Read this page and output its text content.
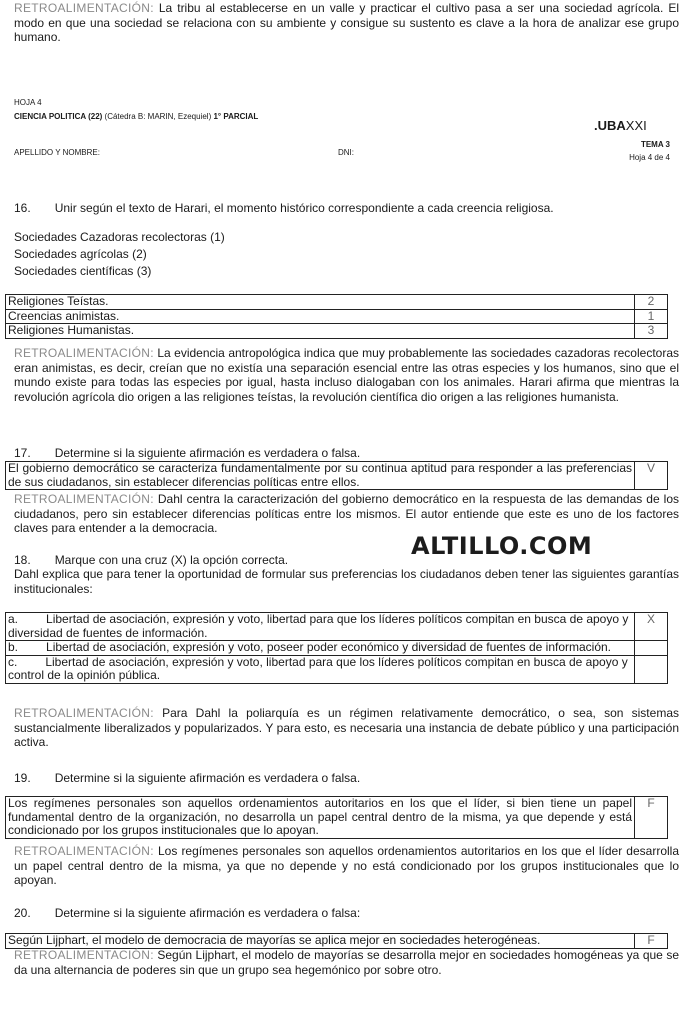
RETROALIMENTACIÓN: La tribu al establecerse en un valle y practicar el cultivo pasa a ser una sociedad agrícola. El modo en que una sociedad se relaciona con su ambiente y consigue su sustento es clave a la hora de analizar ese grupo humano.
HOJA 4
CIENCIA POLITICA (22) (Cátedra B: MARIN, Ezequiel) 1° PARCIAL
.UBAXXI
APELLIDO Y NOMBRE:	DNI:
TEMA 3
Hoja 4 de 4
16. Unir según el texto de Harari, el momento histórico correspondiente a cada creencia religiosa.
Sociedades Cazadoras recolectoras (1)
Sociedades agrícolas (2)
Sociedades científicas (3)
Religiones Teístas.	2
Creencias animistas.	1
Religiones Humanistas.	3
RETROALIMENTACIÓN: La evidencia antropológica indica que muy probablemente las sociedades cazadoras recolectoras eran animistas, es decir, creían que no existía una separación esencial entre las otras especies y los humanos, sino que el mundo existe para todas las especies por igual, hasta incluso dialogaban con los animales. Harari afirma que mientras la revolución agrícola dio origen a las religiones teístas, la revolución científica dio origen a las religiones humanista.
17. Determine si la siguiente afirmación es verdadera o falsa.
El gobierno democrático se caracteriza fundamentalmente por su continua aptitud para responder a las preferencias de sus ciudadanos, sin establecer diferencias políticas entre ellos.	V
RETROALIMENTACIÓN: Dahl centra la caracterización del gobierno democrático en la respuesta de las demandas de los ciudadanos, pero sin establecer diferencias políticas entre los mismos. El autor entiende que este es uno de los factores claves para entender a la democracia.
ALTILLO.COM
18. Marque con una cruz (X) la opción correcta.
Dahl explica que para tener la oportunidad de formular sus preferencias los ciudadanos deben tener las siguientes garantías institucionales:
a. Libertad de asociación, expresión y voto, libertad para que los líderes políticos compitan en busca de apoyo y diversidad de fuentes de información.	X
b. Libertad de asociación, expresión y voto, poseer poder económico y diversidad de fuentes de información.	
c. Libertad de asociación, expresión y voto, libertad para que los líderes políticos compitan en busca de apoyo y control de la opinión pública.	
RETROALIMENTACIÓN: Para Dahl la poliarquía es un régimen relativamente democrático, o sea, son sistemas sustancialmente liberalizados y popularizados. Y para esto, es necesaria una instancia de debate público y una participación activa.
19. Determine si la siguiente afirmación es verdadera o falsa.
Los regímenes personales son aquellos ordenamientos autoritarios en los que el líder, si bien tiene un papel fundamental dentro de la organización, no desarrolla un papel central dentro de la misma, ya que depende y está condicionado por los grupos institucionales que lo apoyan.	F
RETROALIMENTACIÓN: Los regímenes personales son aquellos ordenamientos autoritarios en los que el líder desarrolla un papel central dentro de la misma, ya que no depende y no está condicionado por los grupos institucionales que lo apoyan.
20. Determine si la siguiente afirmación es verdadera o falsa:
Según Lijphart, el modelo de democracia de mayorías se aplica mejor en sociedades heterogéneas.	F
RETROALIMENTACIÓN: Según Lijphart, el modelo de mayorías se desarrolla mejor en sociedades homogéneas ya que se da una alternancia de poderes sin que un grupo sea hegemónico por sobre otro.
